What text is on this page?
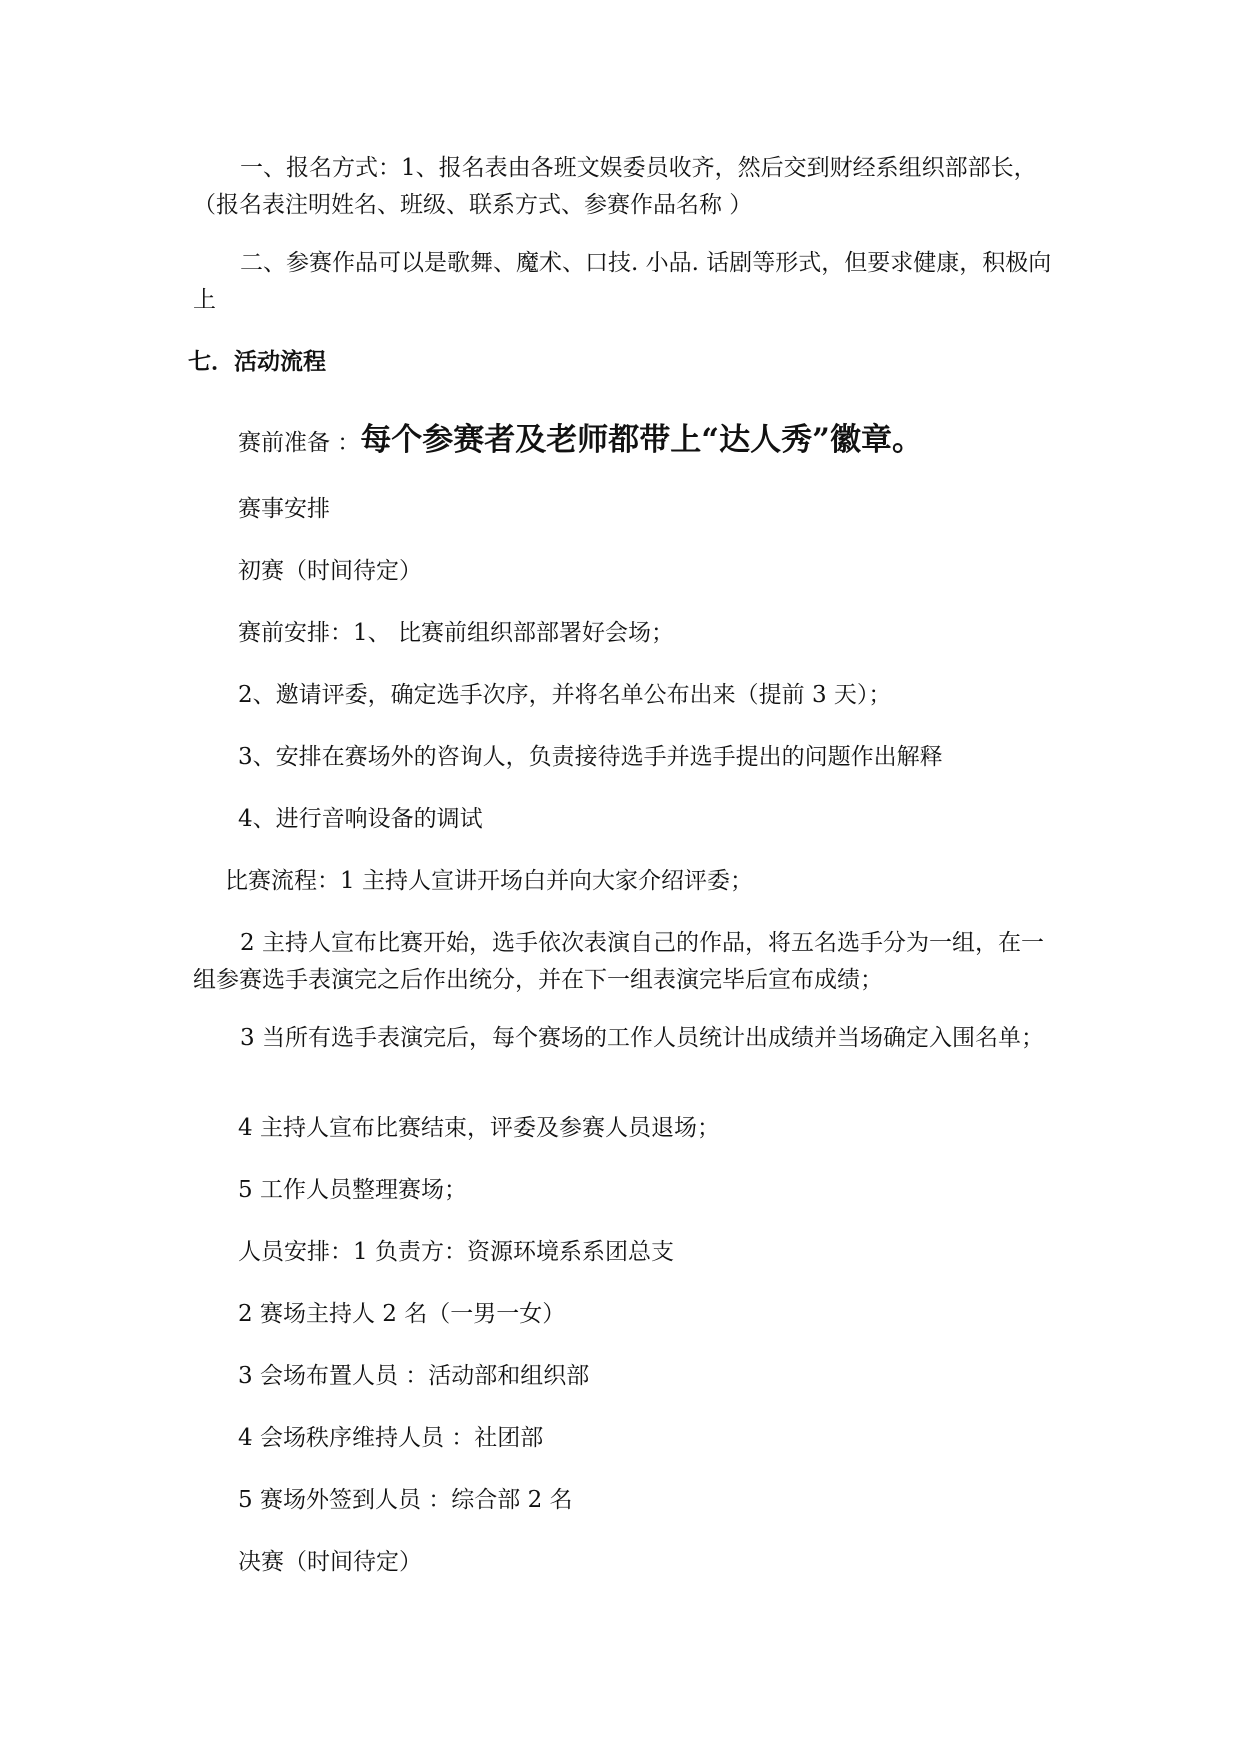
一、报名方式：1、报名表由各班文娱委员收齐，然后交到财经系组织部部长，（报名表注明姓名、班级、联系方式、参赛作品名称 ）

二、参赛作品可以是歌舞、魔术、口技. 小品. 话剧等形式，但要求健康，积极向上

七．活动流程
赛前准备 ：每个参赛者及老师都带上“达人秀”徽章。
赛事安排
初赛（时间待定）
赛前安排：1、 比赛前组织部部署好会场；
2、邀请评委，确定选手次序，并将名单公布出来（提前 3 天）；
3、安排在赛场外的咨询人，负责接待选手并选手提出的问题作出解释
4、进行音响设备的调试
比赛流程：1 主持人宣讲开场白并向大家介绍评委；

2 主持人宣布比赛开始，选手依次表演自己的作品，将五名选手分为一组，在一组参赛选手表演完之后作出统分，并在下一组表演完毕后宣布成绩；

3 当所有选手表演完后，每个赛场的工作人员统计出成绩并当场确定入围名单；

4 主持人宣布比赛结束，评委及参赛人员退场；
5 工作人员整理赛场；
人员安排：1 负责方：资源环境系系团总支
2 赛场主持人 2 名（一男一女）
3 会场布置人员 ：活动部和组织部
4 会场秩序维持人员 ：社团部
5 赛场外签到人员 ：综合部 2 名
决赛（时间待定）
